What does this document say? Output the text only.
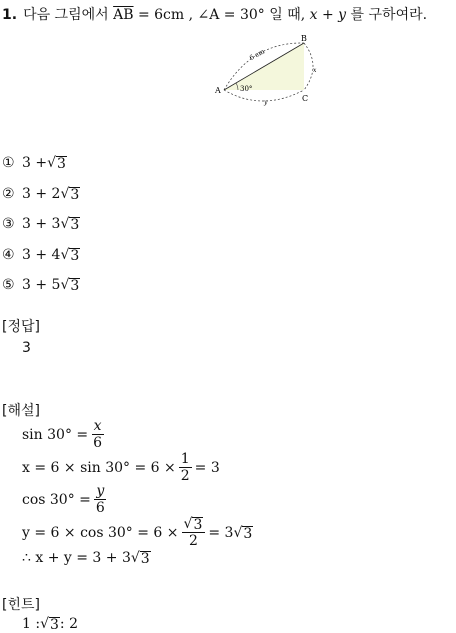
1. 다음 그림에서 $\overline{AB} = 6cm$ , ∠A = 30° 일 때, x + y 를 구하여라.
A
B
C
6 cm
30°
x
y
① 3 + √ 3
② 3 + 2 √ 3
③ 3 + 3 √ 3
④ 3 + 4 √ 3
⑤ 3 + 5 √ 3
[정답]
3
[해설]
$\sin 30^\circ = \frac{x}{6}$
$x = 6 \times \sin 30^\circ = 6 \times \frac{1}{2} = 3$
$\cos 30^\circ = \frac{y}{6}$
$y = 6 \times \cos 30^\circ = 6 \times \frac{√ 3}{2} = 3$ √ 3
∴ x + y = 3 + 3 √ 3
[힌트]
1 : √ 3 : 2
